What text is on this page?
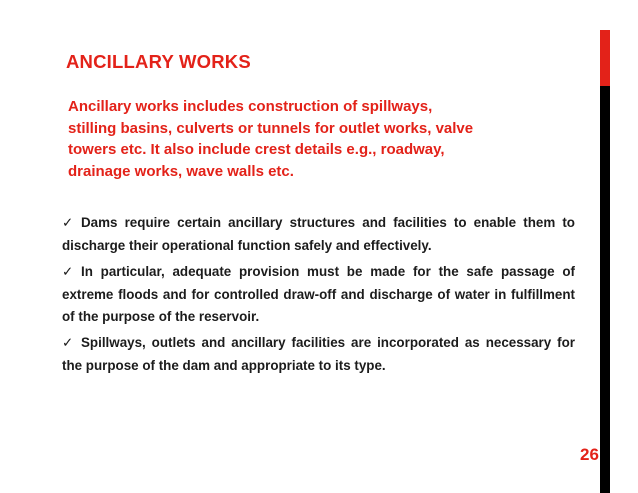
ANCILLARY WORKS

Ancillary works includes construction of spillways,
stilling basins, culverts or tunnels for outlet works, valve
towers etc. It also include crest details e.g., roadway,
drainage works, wave walls etc.

✓ Dams require certain ancillary structures and facilities to enable them to discharge their operational function safely and effectively.
✓ In particular, adequate provision must be made for the safe passage of extreme floods and for controlled draw-off and discharge of water in fulfillment of the purpose of the reservoir.
✓ Spillways, outlets and ancillary facilities are incorporated as necessary for the purpose of the dam and appropriate to its type.
26
